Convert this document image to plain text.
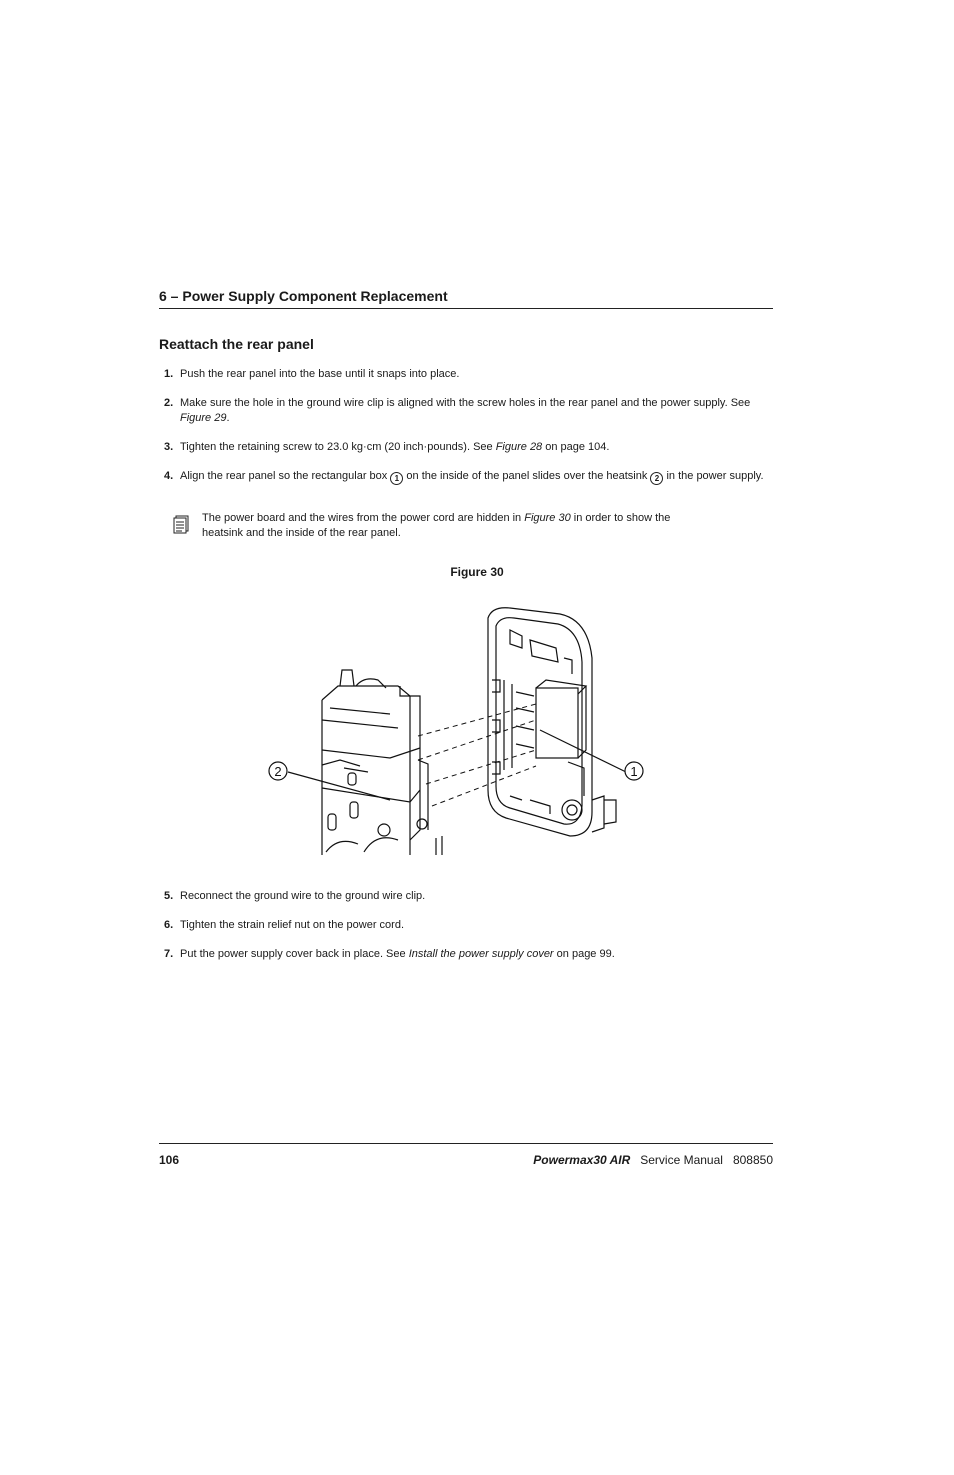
6 – Power Supply Component Replacement
Reattach the rear panel
1. Push the rear panel into the base until it snaps into place.
2. Make sure the hole in the ground wire clip is aligned with the screw holes in the rear panel and the power supply. See Figure 29.
3. Tighten the retaining screw to 23.0 kg·cm (20 inch·pounds). See Figure 28 on page 104.
4. Align the rear panel so the rectangular box 1 on the inside of the panel slides over the heatsink 2 in the power supply.
The power board and the wires from the power cord are hidden in Figure 30 in order to show the heatsink and the inside of the rear panel.
Figure 30
2	1
5. Reconnect the ground wire to the ground wire clip.
6. Tighten the strain relief nut on the power cord.
7. Put the power supply cover back in place. See Install the power supply cover on page 99.
106	Powermax30 AIR Service Manual 808850
